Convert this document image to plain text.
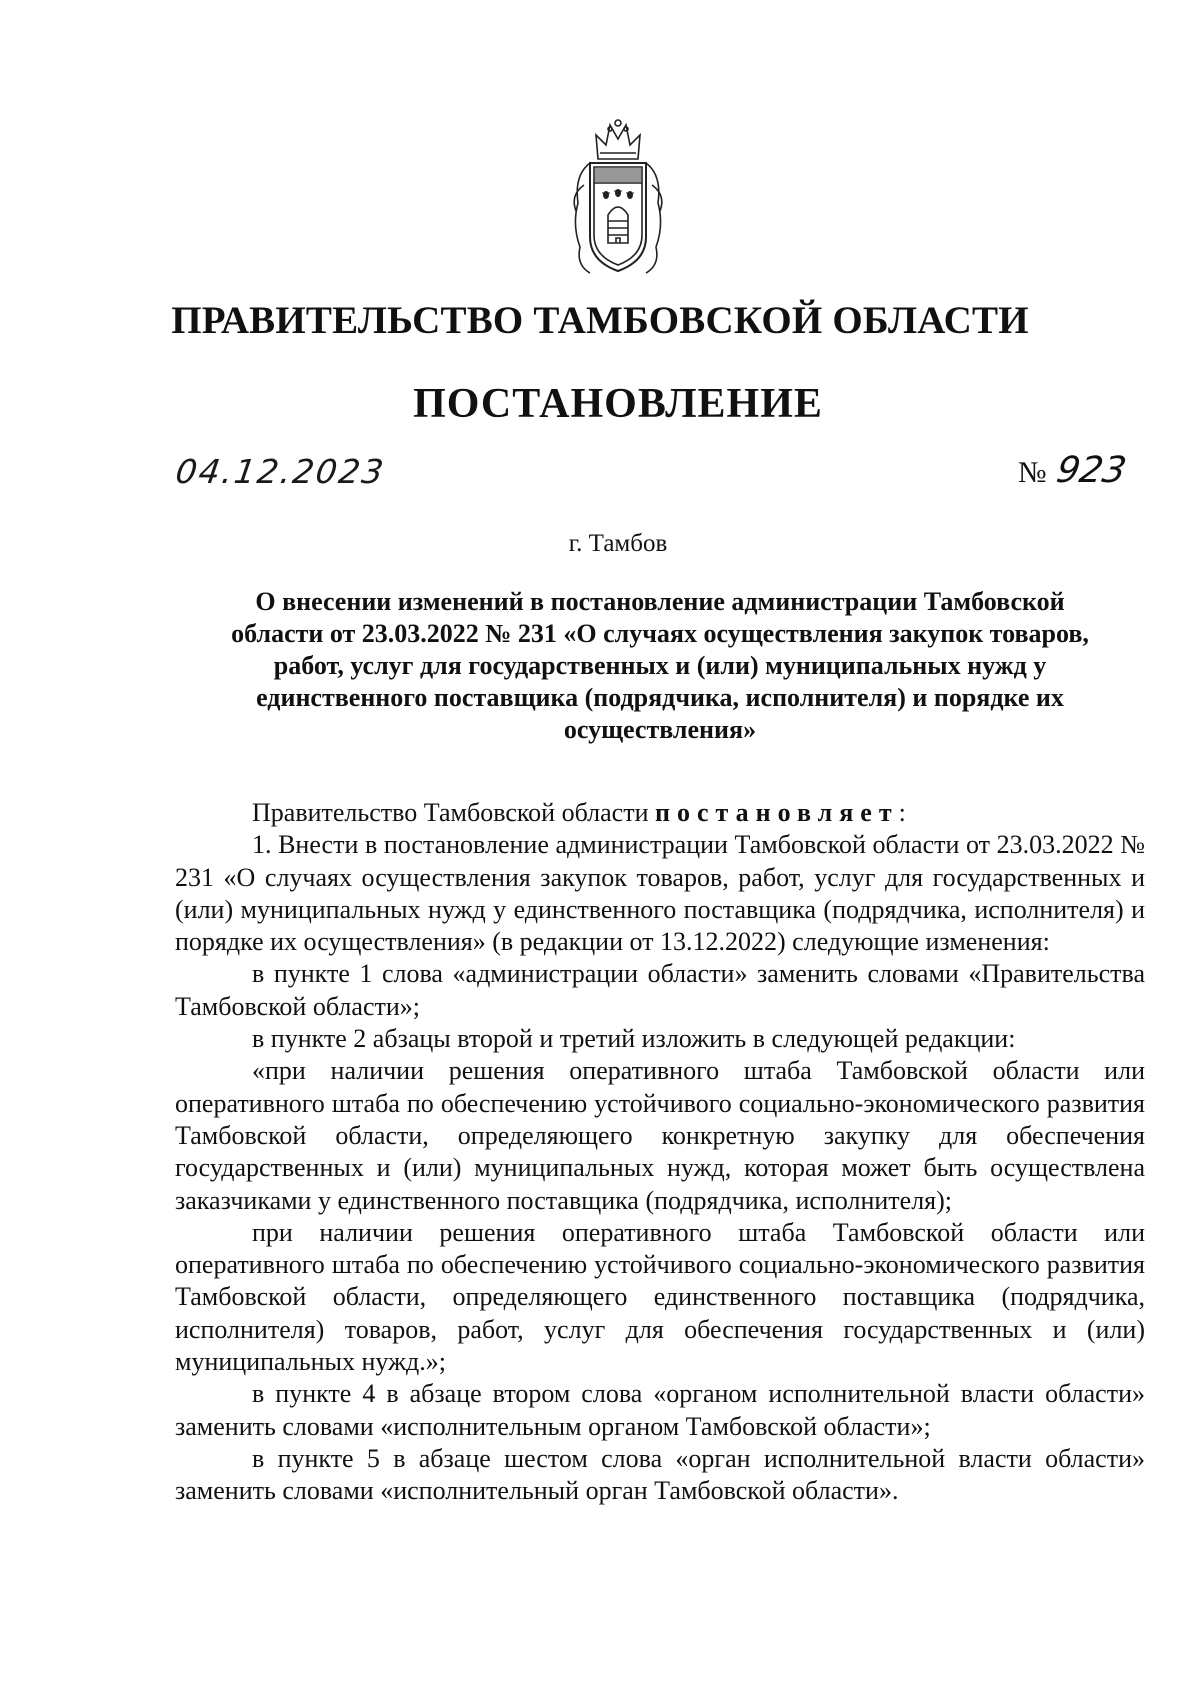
ПРАВИТЕЛЬСТВО ТАМБОВСКОЙ ОБЛАСТИ
ПОСТАНОВЛЕНИЕ
04.12.2023	№ 923
г. Тамбов
О внесении изменений в постановление администрации Тамбовской области от 23.03.2022 № 231 «О случаях осуществления закупок товаров, работ, услуг для государственных и (или) муниципальных нужд у единственного поставщика (подрядчика, исполнителя) и порядке их осуществления»

Правительство Тамбовской области постановляет:

1. Внести в постановление администрации Тамбовской области от 23.03.2022 № 231 «О случаях осуществления закупок товаров, работ, услуг для государственных и (или) муниципальных нужд у единственного поставщика (подрядчика, исполнителя) и порядке их осуществления» (в редакции от 13.12.2022) следующие изменения:

в пункте 1 слова «администрации области» заменить словами «Правительства Тамбовской области»;

в пункте 2 абзацы второй и третий изложить в следующей редакции:

«при наличии решения оперативного штаба Тамбовской области или оперативного штаба по обеспечению устойчивого социально-экономического развития Тамбовской области, определяющего конкретную закупку для обеспечения государственных и (или) муниципальных нужд, которая может быть осуществлена заказчиками у единственного поставщика (подрядчика, исполнителя);

при наличии решения оперативного штаба Тамбовской области или оперативного штаба по обеспечению устойчивого социально-экономического развития Тамбовской области, определяющего единственного поставщика (подрядчика, исполнителя) товаров, работ, услуг для обеспечения государственных и (или) муниципальных нужд.»;

в пункте 4 в абзаце втором слова «органом исполнительной власти области» заменить словами «исполнительным органом Тамбовской области»;

в пункте 5 в абзаце шестом слова «орган исполнительной власти области» заменить словами «исполнительный орган Тамбовской области».
